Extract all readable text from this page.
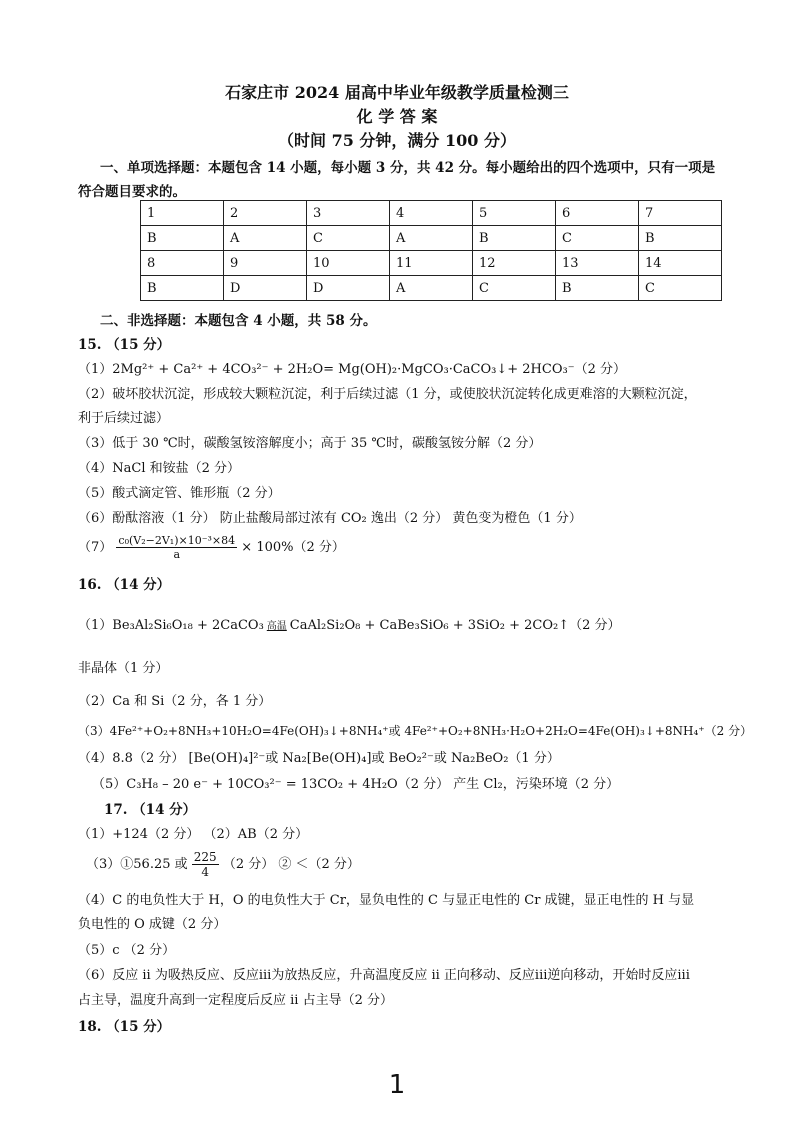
石家庄市 2024 届高中毕业年级教学质量检测三
化 学 答 案
（时间 75 分钟，满分 100 分）
一、单项选择题：本题包含 14 小题，每小题 3 分，共 42 分。每小题给出的四个选项中，只有一项是
符合题目要求的。
1	2	3	4	5	6	7
B	A	C	A	B	C	B
8	9	10	11	12	13	14
B	D	D	A	C	B	C
二、非选择题：本题包含 4 小题，共 58 分。
15. （15 分）
（1）2Mg²⁺ + Ca²⁺ + 4CO₃²⁻ + 2H₂O= Mg(OH)₂·MgCO₃·CaCO₃↓+ 2HCO₃⁻（2 分）
（2）破坏胶状沉淀，形成较大颗粒沉淀，利于后续过滤（1 分，或使胶状沉淀转化成更难溶的大颗粒沉淀，
利于后续过滤）
（3）低于 30 ℃时，碳酸氢铵溶解度小；高于 35 ℃时，碳酸氢铵分解（2 分）
（4）NaCl 和铵盐（2 分）
（5）酸式滴定管、锥形瓶（2 分）
（6）酚酞溶液（1 分） 防止盐酸局部过浓有 CO₂ 逸出（2 分） 黄色变为橙色（1 分）
$(7) \frac{\text{c₀(V₂−2V₁)×10⁻³×84}}{a} \times 100\%(2$ 分）
16. （14 分）
（1）Be₃Al₂Si₆O₁₈ + 2CaCO₃ 高温 CaAl₂Si₂O₈ + CaBe₃SiO₆ + 3SiO₂ + 2CO₂↑（2 分）
非晶体（1 分）
（2）Ca 和 Si（2 分，各 1 分）
（3）4Fe²⁺+O₂+8NH₃+10H₂O=4Fe(OH)₃↓+8NH₄⁺或 4Fe²⁺+O₂+8NH₃·H₂O+2H₂O=4Fe(OH)₃↓+8NH₄⁺（2 分）
（4）8.8（2 分） [Be(OH)₄]²⁻或 Na₂[Be(OH)₄]或 BeO₂²⁻或 Na₂BeO₂（1 分）
（5）C₃H₈ – 20 e⁻ + 10CO₃²⁻ = 13CO₂ + 4H₂O（2 分） 产生 Cl₂，污染环境（2 分）
17. （14 分）
（1）+124（2 分） （2）AB（2 分）
（3）①56.25 或 $\frac{225}{4} (2$ 分） ② ＜（2 分）
（4）C 的电负性大于 H，O 的电负性大于 Cr，显负电性的 C 与显正电性的 Cr 成键，显正电性的 H 与显
负电性的 O 成键（2 分）
（5）c （2 分）
（6）反应 ii 为吸热反应、反应iii为放热反应，升高温度反应 ii 正向移动、反应iii逆向移动，开始时反应iii
占主导，温度升高到一定程度后反应 ii 占主导（2 分）
18. （15 分）
1
